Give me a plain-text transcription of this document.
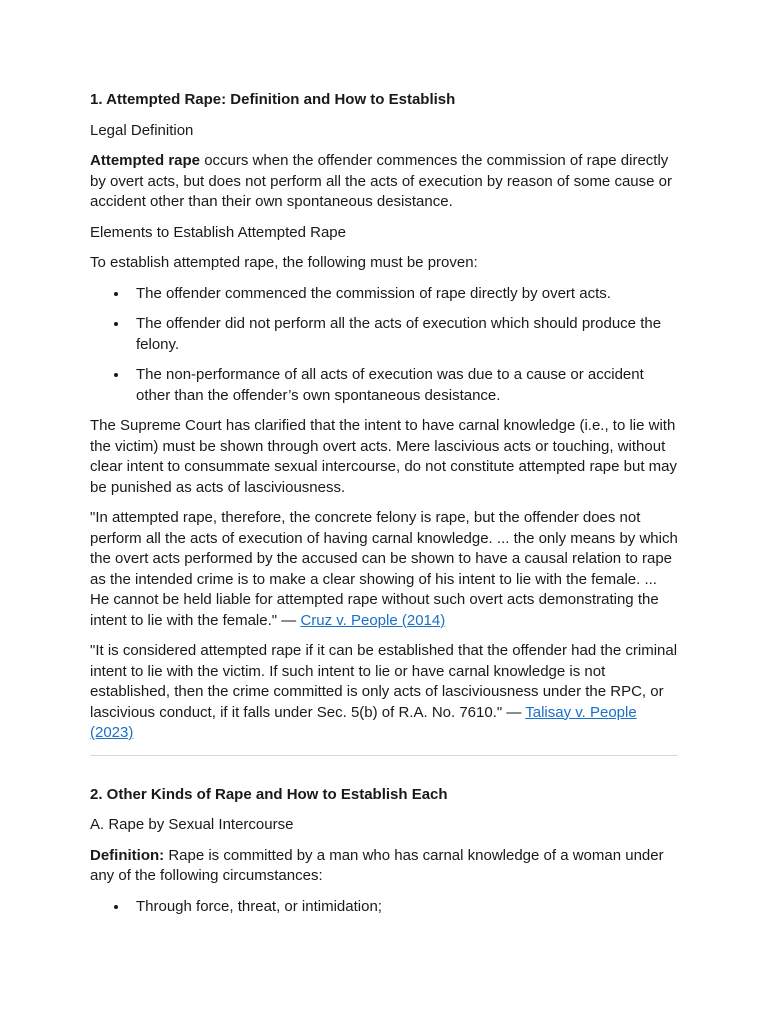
1. Attempted Rape: Definition and How to Establish
Legal Definition

Attempted rape occurs when the offender commences the commission of rape directly by overt acts, but does not perform all the acts of execution by reason of some cause or accident other than their own spontaneous desistance.

Elements to Establish Attempted Rape

To establish attempted rape, the following must be proven:

The offender commenced the commission of rape directly by overt acts.
The offender did not perform all the acts of execution which should produce the felony.
The non-performance of all acts of execution was due to a cause or accident other than the offender’s own spontaneous desistance.

The Supreme Court has clarified that the intent to have carnal knowledge (i.e., to lie with the victim) must be shown through overt acts. Mere lascivious acts or touching, without clear intent to consummate sexual intercourse, do not constitute attempted rape but may be punished as acts of lasciviousness.

"In attempted rape, therefore, the concrete felony is rape, but the offender does not perform all the acts of execution of having carnal knowledge. ... the only means by which the overt acts performed by the accused can be shown to have a causal relation to rape as the intended crime is to make a clear showing of his intent to lie with the female. ... He cannot be held liable for attempted rape without such overt acts demonstrating the intent to lie with the female." — Cruz v. People (2014)

"It is considered attempted rape if it can be established that the offender had the criminal intent to lie with the victim. If such intent to lie or have carnal knowledge is not established, then the crime committed is only acts of lasciviousness under the RPC, or lascivious conduct, if it falls under Sec. 5(b) of R.A. No. 7610." — Talisay v. People (2023)

2. Other Kinds of Rape and How to Establish Each
A. Rape by Sexual Intercourse

Definition: Rape is committed by a man who has carnal knowledge of a woman under any of the following circumstances:

Through force, threat, or intimidation;
